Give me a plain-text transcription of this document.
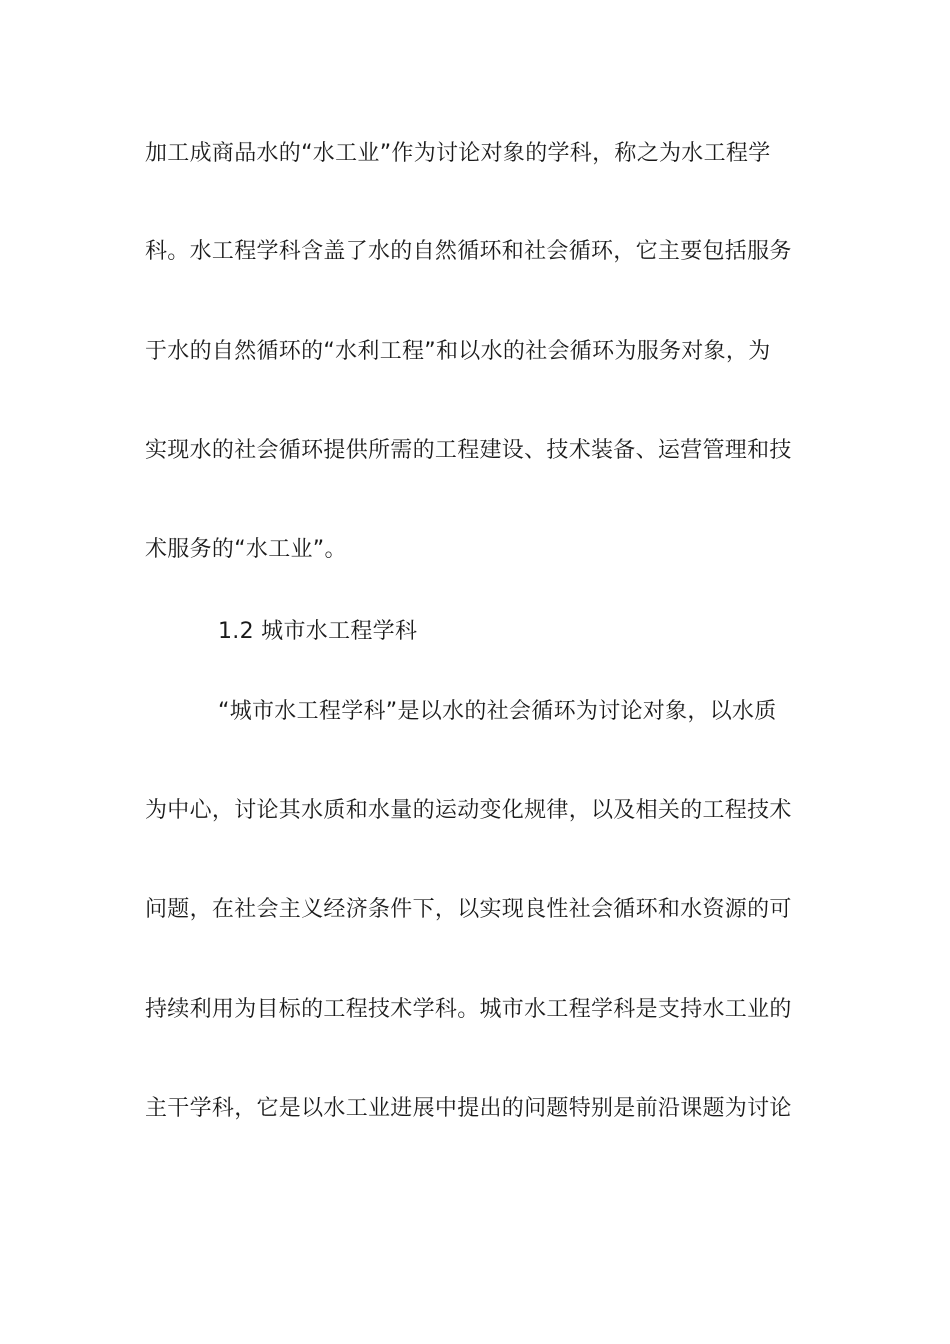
加工成商品水的“水工业”作为讨论对象的学科，称之为水工程学
科。水工程学科含盖了水的自然循环和社会循环，它主要包括服务
于水的自然循环的“水利工程”和以水的社会循环为服务对象，为
实现水的社会循环提供所需的工程建设、技术装备、运营管理和技
术服务的“水工业”。
1.2 城市水工程学科
“城市水工程学科”是以水的社会循环为讨论对象，以水质
为中心，讨论其水质和水量的运动变化规律，以及相关的工程技术
问题，在社会主义经济条件下，以实现良性社会循环和水资源的可
持续利用为目标的工程技术学科。城市水工程学科是支持水工业的
主干学科，它是以水工业进展中提出的问题特别是前沿课题为讨论
